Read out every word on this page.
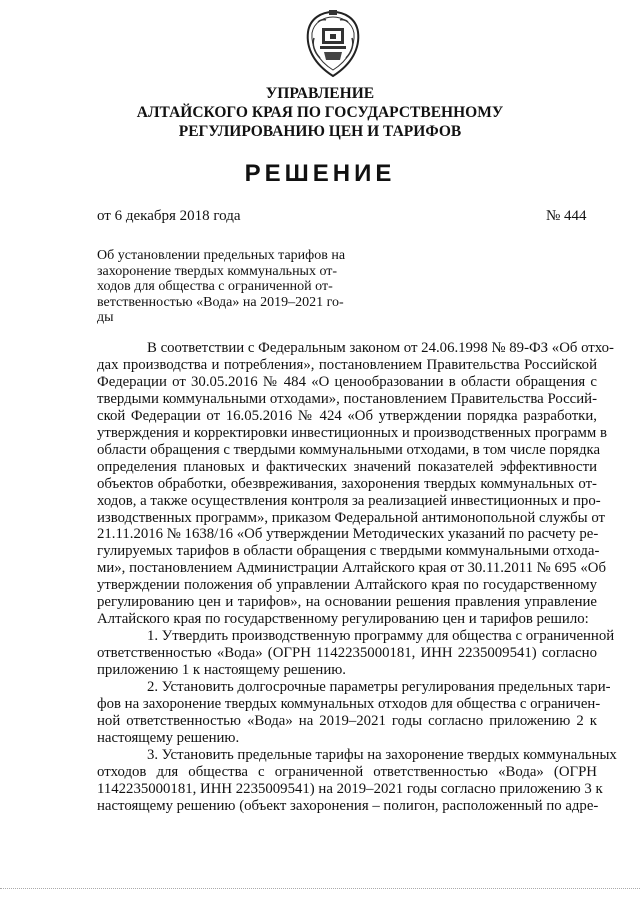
УПРАВЛЕНИЕ
АЛТАЙСКОГО КРАЯ ПО ГОСУДАРСТВЕННОМУ
РЕГУЛИРОВАНИЮ ЦЕН И ТАРИФОВ
РЕШЕНИЕ
от 6 декабря 2018 года	№ 444
Об установлении предельных тарифов на
захоронение твердых коммунальных от-
ходов для общества с ограниченной от-
ветственностью «Вода» на 2019–2021 го-
ды
В соответствии с Федеральным законом от 24.06.1998 № 89-ФЗ «Об отхо-
дах производства и потребления», постановлением Правительства Российской
Федерации от 30.05.2016 № 484 «О ценообразовании в области обращения с
твердыми коммунальными отходами», постановлением Правительства Россий-
ской Федерации от 16.05.2016 № 424 «Об утверждении порядка разработки,
утверждения и корректировки инвестиционных и производственных программ в
области обращения с твердыми коммунальными отходами, в том числе порядка
определения плановых и фактических значений показателей эффективности
объектов обработки, обезвреживания, захоронения твердых коммунальных от-
ходов, а также осуществления контроля за реализацией инвестиционных и про-
изводственных программ», приказом Федеральной антимонопольной службы от
21.11.2016 № 1638/16 «Об утверждении Методических указаний по расчету ре-
гулируемых тарифов в области обращения с твердыми коммунальными отхода-
ми», постановлением Администрации Алтайского края от 30.11.2011 № 695 «Об
утверждении положения об управлении Алтайского края по государственному
регулированию цен и тарифов», на основании решения правления управление
Алтайского края по государственному регулированию цен и тарифов решило:
1. Утвердить производственную программу для общества с ограниченной
ответственностью «Вода» (ОГРН 1142235000181, ИНН 2235009541) согласно
приложению 1 к настоящему решению.
2. Установить долгосрочные параметры регулирования предельных тари-
фов на захоронение твердых коммунальных отходов для общества с ограничен-
ной ответственностью «Вода» на 2019–2021 годы согласно приложению 2 к
настоящему решению.
3. Установить предельные тарифы на захоронение твердых коммунальных
отходов для общества с ограниченной ответственностью «Вода» (ОГРН
1142235000181, ИНН 2235009541) на 2019–2021 годы согласно приложению 3 к
настоящему решению (объект захоронения – полигон, расположенный по адре-
